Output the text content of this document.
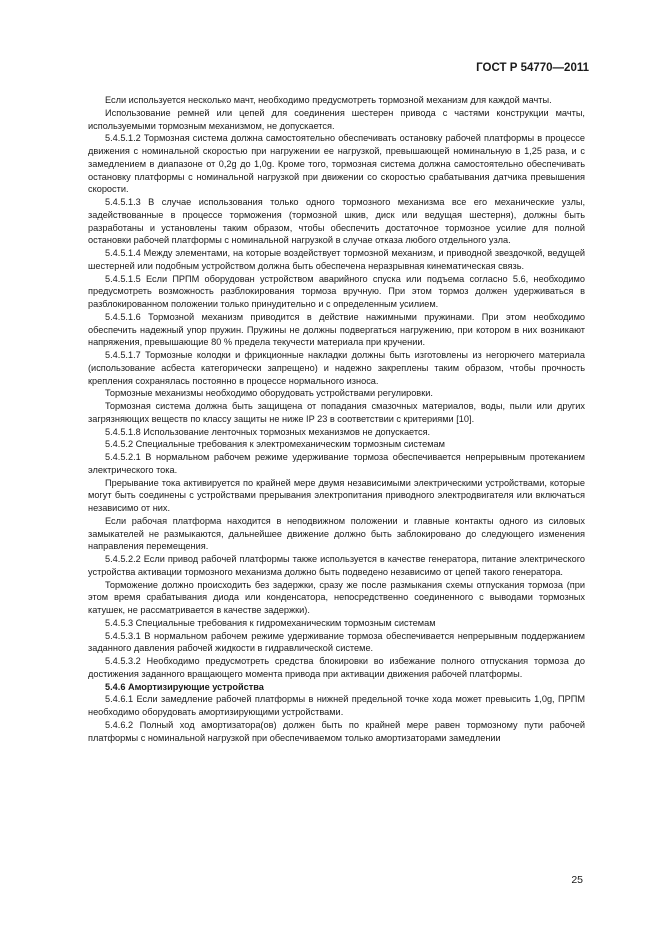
ГОСТ Р 54770—2011

Если используется несколько мачт, необходимо предусмотреть тормозной механизм для каждой мачты.

Использование ремней или цепей для соединения шестерен привода с частями конструкции мачты, используемыми тормозным механизмом, не допускается.

5.4.5.1.2 Тормозная система должна самостоятельно обеспечивать остановку рабочей платформы в процессе движения с номинальной скоростью при нагружении ее нагрузкой, превышающей номинальную в 1,25 раза, и с замедлением в диапазоне от 0,2g до 1,0g. Кроме того, тормозная система должна самостоятельно обеспечивать остановку платформы с номинальной нагрузкой при движении со скоростью срабатывания датчика превышения скорости.

5.4.5.1.3 В случае использования только одного тормозного механизма все его механические узлы, задействованные в процессе торможения (тормозной шкив, диск или ведущая шестерня), должны быть разработаны и установлены таким образом, чтобы обеспечить достаточное тормозное усилие для полной остановки рабочей платформы с номинальной нагрузкой в случае отказа любого отдельного узла.

5.4.5.1.4 Между элементами, на которые воздействует тормозной механизм, и приводной звездочкой, ведущей шестерней или подобным устройством должна быть обеспечена неразрывная кинематическая связь.

5.4.5.1.5 Если ПРПМ оборудован устройством аварийного спуска или подъема согласно 5.6, необходимо предусмотреть возможность разблокирования тормоза вручную. При этом тормоз должен удерживаться в разблокированном положении только принудительно и с определенным усилием.

5.4.5.1.6 Тормозной механизм приводится в действие нажимными пружинами. При этом необходимо обеспечить надежный упор пружин. Пружины не должны подвергаться нагружению, при котором в них возникают напряжения, превышающие 80 % предела текучести материала при кручении.

5.4.5.1.7 Тормозные колодки и фрикционные накладки должны быть изготовлены из негорючего материала (использование асбеста категорически запрещено) и надежно закреплены таким образом, чтобы прочность крепления сохранялась постоянно в процессе нормального износа.

Тормозные механизмы необходимо оборудовать устройствами регулировки.

Тормозная система должна быть защищена от попадания смазочных материалов, воды, пыли или других загрязняющих веществ по классу защиты не ниже IP 23 в соответствии с критериями [10].

5.4.5.1.8 Использование ленточных тормозных механизмов не допускается.

5.4.5.2 Специальные требования к электромеханическим тормозным системам

5.4.5.2.1 В нормальном рабочем режиме удерживание тормоза обеспечивается непрерывным протеканием электрического тока.

Прерывание тока активируется по крайней мере двумя независимыми электрическими устройствами, которые могут быть соединены с устройствами прерывания электропитания приводного электродвигателя или включаться независимо от них.

Если рабочая платформа находится в неподвижном положении и главные контакты одного из силовых замыкателей не размыкаются, дальнейшее движение должно быть заблокировано до следующего изменения направления перемещения.

5.4.5.2.2 Если привод рабочей платформы также используется в качестве генератора, питание электрического устройства активации тормозного механизма должно быть подведено независимо от цепей такого генератора.

Торможение должно происходить без задержки, сразу же после размыкания схемы отпускания тормоза (при этом время срабатывания диода или конденсатора, непосредственно соединенного с выводами тормозных катушек, не рассматривается в качестве задержки).

5.4.5.3 Специальные требования к гидромеханическим тормозным системам

5.4.5.3.1 В нормальном рабочем режиме удерживание тормоза обеспечивается непрерывным поддержанием заданного давления рабочей жидкости в гидравлической системе.

5.4.5.3.2 Необходимо предусмотреть средства блокировки во избежание полного отпускания тормоза до достижения заданного вращающего момента привода при активации движения рабочей платформы.

5.4.6 Амортизирующие устройства

5.4.6.1 Если замедление рабочей платформы в нижней предельной точке хода может превысить 1,0g, ПРПМ необходимо оборудовать амортизирующими устройствами.

5.4.6.2 Полный ход амортизатора(ов) должен быть по крайней мере равен тормозному пути рабочей платформы с номинальной нагрузкой при обеспечиваемом только амортизаторами замедлении

25
